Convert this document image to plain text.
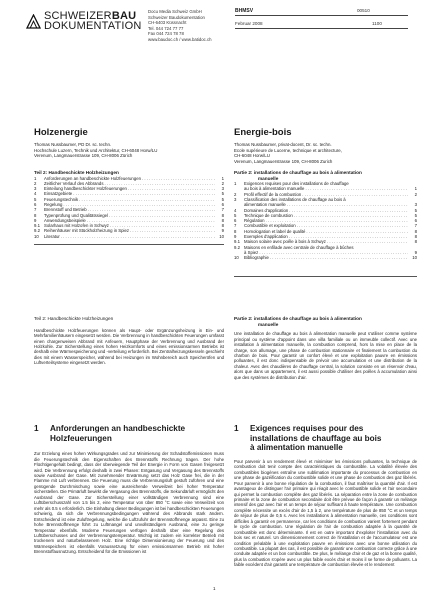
SCHWEIZERBAU
DOKUMENTATION
Docu Media Schweiz GmbH
Schweizer Baudokumentation
CH-6403 Küssnacht
Tel. 044 724 77 77
Fax 044 724 78 78
www.baudoc.ch / www.batidoc.ch
BHMSV
Februar 2008
00510
1100
Holzenergie
Thomas Nussbaumer, PD Dr. sc. techn.
Hochschule Luzern, Technik und Architektur, CH-6048 Horw/LU
Verenum, Langmauerstrasse 109, CH-8006 Zürich
Teil 2: Handbeschickte Holzheizungen
1	Anforderungen an handbeschickte Holzfeuerungen . . .	1
2	Zeitlicher Verlauf des Abbrands . . .	2
3	Einteilung handbeschickter Holzfeuerungen . . .	3
4	Einsatzgebiete . . .	5
5	Feuerungstechnik . . .	5
6	Regelung . . .	6
7	Brennstoff und Betrieb . . .	7
8	Typenprüfung und Qualitätssiegel . . .	8
9	Anwendungsbeispiele . . .	8
9.1 Solarhaus mit Holzofen in Schwyz . . .	8
9.2 Reihenhäuser mit Stückholzheizung in Spiez . . .	9
10	Literatur . . .	10
Teil 2: Handbeschickte Holzheizungen

Handbeschickte Holzfeuerungen können als Haupt- oder Ergänzungsheizung in Ein- und Mehrfamilienhäusern eingesetzt werden. Die Verbrennung in handbeschickten Feuerungen umfasst einen chargenweisen Abbrand mit Anfeuern, Hauptphase der Verbrennung und Ausbrand der Holzkohle. Zur Sicherstellung eines hohen Heizkomforts und eines emissionsarmen Betriebs ist deshalb eine Wärmespeicherung und -verteilung erforderlich. Bei Zentralheizungskesseln geschieht dies mit einem Wasserspeicher, während bei Heizungen im Wohnbereich auch Speicheröfen und Luftverteilsysteme eingesetzt werden.

1	Anforderungen an handbeschickte Holzfeuerungen

Zur Erzielung eines hohen Wirkungsgrades und zur Minimierung der Schadstoffemissionen muss die Feuerungstechnik den Eigenschaften des Brennstoffs Rechnung tragen. Der hohe Flüchtigengehalt bedingt, dass der überwiegende Teil der Energie in Form von Gasen freigesetzt wird. Die Verbrennung erfolgt deshalb in zwei Phasen: Entgasung und Vergasung des Brennstoffs sowie Ausbrand der Gase. Mit zunehmender Erwärmung setzt das Holz Gase frei, die in der Flamme mit Luft verbrennen. Die Feuerung muss die Verbrennungsluft gestuft zuführen und eine genügende Durchmischung sowie eine ausreichende Verweilzeit bei hoher Temperatur sicherstellen. Die Primärluft bewirkt die Vergasung des Brennstoffs, die Sekundärluft ermöglicht den Ausbrand der Gase. Zur Sicherstellung einer vollständigen Verbrennung sind eine Luftüberschusszahl von 1.5 bis 2, eine Temperatur von über 850 °C sowie eine Verweilzeit von mehr als 0.5 s erforderlich. Die Einhaltung dieser Bedingungen ist bei handbeschickten Feuerungen schwierig, da sich die Verbrennungsbedingungen während des Abbrands stark ändern. Entscheidend ist eine Zuluftregelung, welche die Luftzufuhr der Brennstoffmenge anpasst. Eine zu hohe Brennstoffmenge führt zu Luftmangel und unvollständigem Ausbrand, eine zu geringe Temperatur ebenfalls. Moderne Feuerungen verfügen deshalb über eine Regelung des Luftüberschusses und der Verbrennungstemperatur. Wichtig ist zudem ein korrekter Betrieb mit trockenem und naturbelassenem Holz. Eine richtige Dimensionierung der Feuerung und des Wärmespeichers ist ebenfalls Voraussetzung für einen emissionsarmen Betrieb mit hoher Brennstoffausnutzung. Entscheidend für die Emissionen ist

Energie-bois
Thomas Nussbaumer, privat-docent, Dr. sc. techn.
Ecole supérieure de Lucerne, technique et architecture,
CH-6048 Horw/LU
Verenum, Langmauerstrasse 109, CH-8006 Zurich
Partie 2: installations de chauffage au bois à alimentation
manuelle
1	Exigences requises pour des installations de chauffage
au bois à alimentation manuelle . . .	1
2	Profil effectif de la combustion . . .	2
3	Classification des installations de chauffage au bois à
alimentation manuelle . . .	3
4	Domaines d'application . . .	5
5	Technique de combustion . . .	5
6	Régulation . . .	6
7	Combustible et exploitation . . .	7
8	Homologation et label de qualité . . .	8
9	Exemples d'application . . .	8
9.1 Maison solaire avec poêle à bois à Schwyz . . .	8
9.2 Maisons en enfilade avec centrale de chauffage à bûches
à Spiez . . .	9
10	Bibliographie . . .	10
Partie 2: installations de chauffage au bois à alimentation
manuelle

Une installation de chauffage au bois à alimentation manuelle peut s'utiliser comme système principal ou système d'appoint dans une villa familiale ou un immeuble collectif. Avec une installation à alimentation manuelle, la combustion comprend, hors la mise en place de la charge, son allumage, une phase de combustion stationnaire et finalement la combustion du charbon de bois. Pour garantir un confort élevé et une exploitation pauvre en émissions polluantes, il est donc indispensable de prévoir une accumulation et une distribution de la chaleur. Avec des chaudières de chauffage central, la solution consiste en un réservoir d'eau, alors que dans un appartement, il est aussi possible d'utiliser des poêles à accumulation ainsi que des systèmes de distribution d'air.

1	Exigences requises pour des
installations de chauffage au bois
à alimentation manuelle

Pour parvenir à un rendement élevé et minimiser les émissions polluantes, la technique de combustion doit tenir compte des caractéristiques du combustible. La volatilité élevée des combustibles biogènes entraîne une sublimation importante du processus de combustion en une phase de gazéification du combustible solide et une phase de combustion des gaz libérés. Pour parvenir à une bonne régulation de la combustion, il faut maîtriser la quantité d'air. Il est avantageux de distinguer l'air primaire qui réagit avec le combustible solide et l'air secondaire qui permet la combustion complète des gaz libérés. La séparation entre la zone de combustion primaire et la zone de combustion secondaire doit être prévue de façon à garantir un mélange intensif des gaz avec l'air et un temps de séjour suffisant à haute température. Une combustion complète nécessite un excès d'air de 1,5 à 2, une température de plus de 850 °C et un temps de séjour de plus de 0,5 s. Avec les installations à alimentation manuelle, ces conditions sont difficiles à garantir en permanence, car les conditions de combustion varient fortement pendant le cycle de combustion. Une régulation de l'air de combustion adaptée à la quantité de combustible est donc déterminante. Il est en outre important d'exploiter l'installation avec du bois sec et naturel. Un dimensionnement correct de l'installation et de l'accumulateur est une condition préalable à une exploitation pauvre en émissions avec une bonne utilisation du combustible. La plupart des cas, il est possible de garantir une combustion correcte grâce à une conduite adaptée et un bon combustible. De plus, le mélange d'air et de gaz et la bonne qualité, plus la combustion s'opère avec un plus faible excès d'air et moins il se forme de polluants. La faible excédent d'air garantit une température de combustion élevée et le rendement

1
